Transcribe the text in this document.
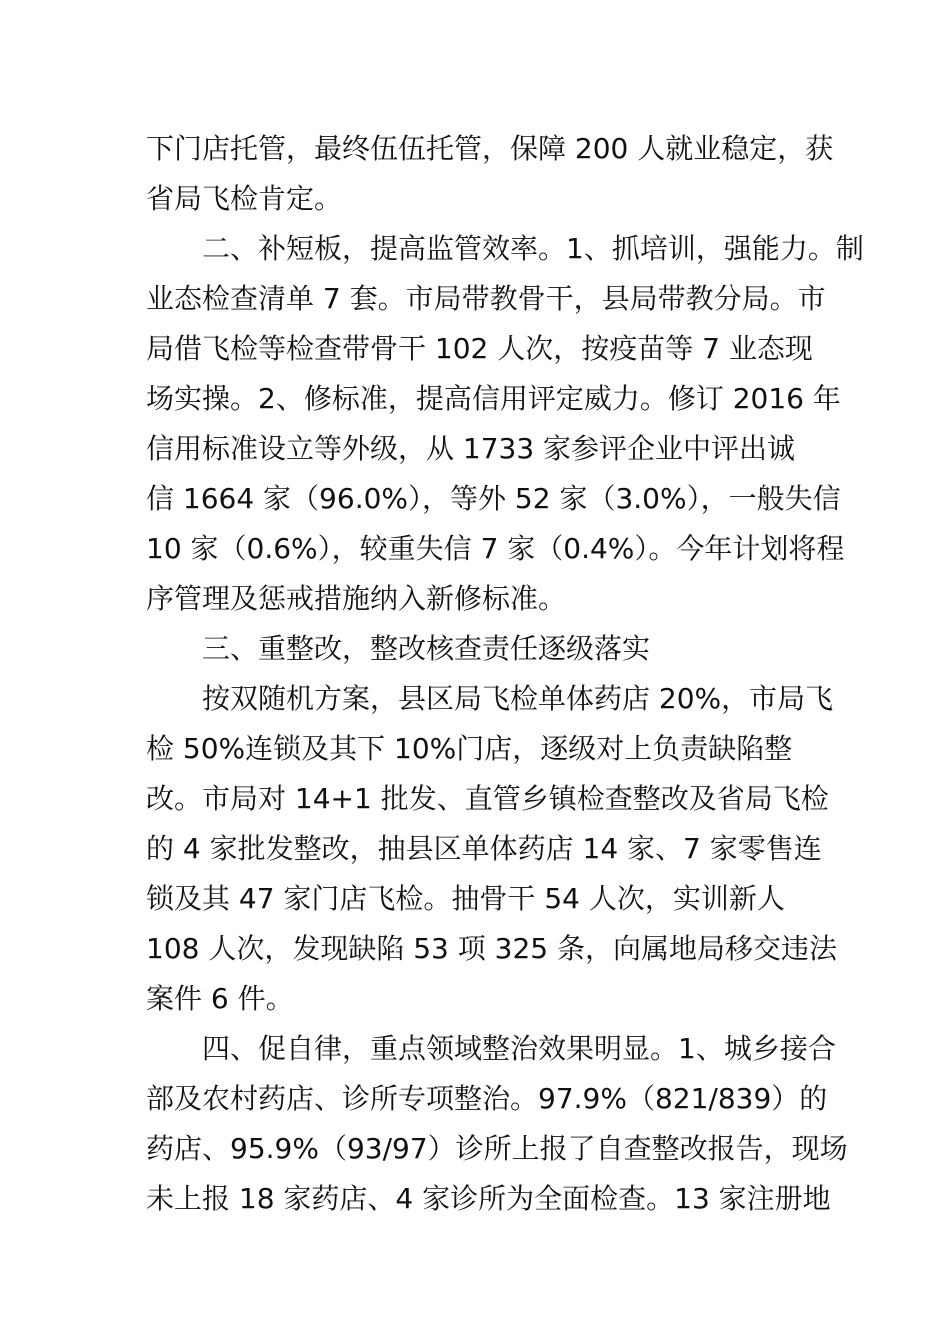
下门店托管，最终伍伍托管，保障 200 人就业稳定，获
省局飞检肯定。
　　二、补短板，提高监管效率。1、抓培训，强能力。制
业态检查清单 7 套。市局带教骨干，县局带教分局。市
局借飞检等检查带骨干 102 人次，按疫苗等 7 业态现
场实操。2、修标准，提高信用评定威力。修订 2016 年
信用标准设立等外级，从 1733 家参评企业中评出诚
信 1664 家（96.0%），等外 52 家（3.0%），一般失信
10 家（0.6%），较重失信 7 家（0.4%）。今年计划将程
序管理及惩戒措施纳入新修标准。
　　三、重整改，整改核查责任逐级落实
　　按双随机方案，县区局飞检单体药店 20%，市局飞
检 50%连锁及其下 10%门店，逐级对上负责缺陷整
改。市局对 14+1 批发、直管乡镇检查整改及省局飞检
的 4 家批发整改，抽县区单体药店 14 家、7 家零售连
锁及其 47 家门店飞检。抽骨干 54 人次，实训新人
108 人次，发现缺陷 53 项 325 条，向属地局移交违法
案件 6 件。
　　四、促自律，重点领域整治效果明显。1、城乡接合
部及农村药店、诊所专项整治。97.9%（821/839）的
药店、95.9%（93/97）诊所上报了自查整改报告，现场
未上报 18 家药店、4 家诊所为全面检查。13 家注册地
